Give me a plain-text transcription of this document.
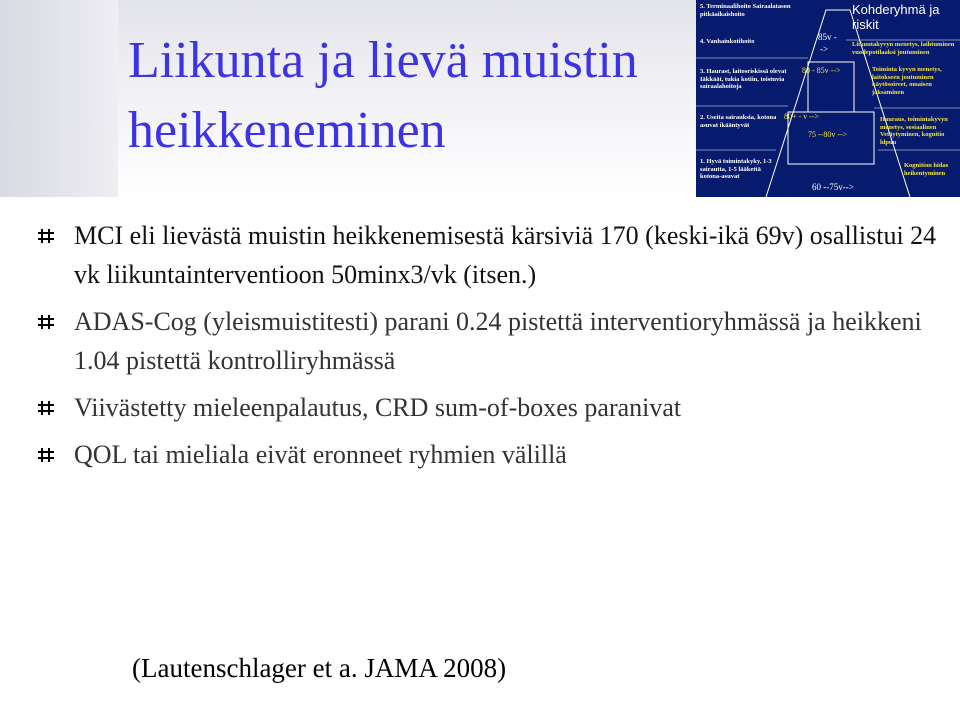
Liikunta ja lievä muistin
heikkeneminen
5. Terminaalihoito Sairaalatason pitkäaikaishoito
4. Vanhainkotihoito
3. Haurast, laitosriskissä olevat Iäkkäät, tukia kotiin, toistuvia sairaalahoitoja
2. Useita sairauksia, kotona asuvat ikääntyvät
1. Hyvä toimintakyky, 1-3 sairautta, 1-5 lääkettä kotona-asuvat
85v -
->
80 - 85v -->
80+ - v -->
75 --80v -->
60 --75v-->
Kohderyhmä ja riskit
Liikuntakyvyn menetys, laihtuminen vuodepotilaaksi joutuminen
Toiminta kyvyn menetys, laitokseen joutuminen käytösoireet, omaisen jaksaminen
Hauraus, toimintakyvyn menetys, sosiaalinen Vetäytyminen, kognitio hlpuu
Kognition hidas heikentyminen
MCI eli lievästä muistin heikkenemisestä kärsiviä 170 (keski-ikä 69v) osallistui 24 vk liikuntainterventioon 50minx3/vk (itsen.)
ADAS-Cog (yleismuistitesti) parani 0.24 pistettä interventioryhmässä ja heikkeni 1.04 pistettä kontrolliryhmässä
Viivästetty mieleenpalautus, CRD sum-of-boxes paranivat
QOL tai mieliala eivät eronneet ryhmien välillä
(Lautenschlager et a. JAMA 2008)
